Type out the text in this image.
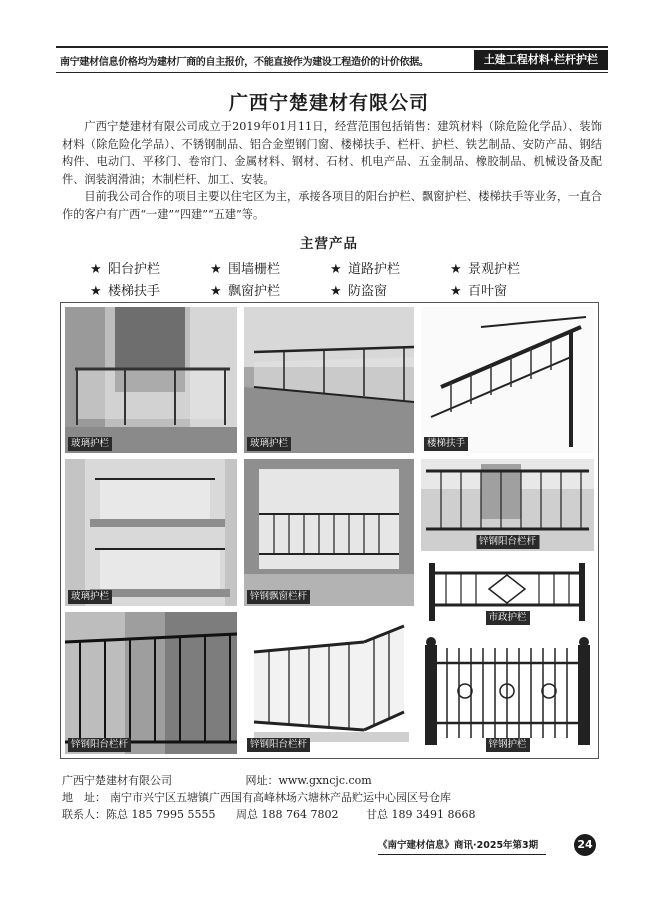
南宁建材信息价格均为建材厂商的自主报价，不能直接作为建设工程造价的计价依据。	土建工程材料·栏杆护栏
广西宁楚建材有限公司

广西宁楚建材有限公司成立于2019年01月11日，经营范围包括销售：建筑材料（除危险化学品）、装饰材料（除危险化学品）、不锈钢制品、铝合金塑钢门窗、楼梯扶手、栏杆、护栏、铁艺制品、安防产品、钢结构件、电动门、平移门、卷帘门、金属材料、钢材、石材、机电产品、五金制品、橡胶制品、机械设备及配件、润装润滑油；木制栏杆、加工、安装。

目前我公司合作的项目主要以住宅区为主，承接各项目的阳台护栏、飘窗护栏、楼梯扶手等业务，一直合作的客户有广西“一建”“四建”“五建”等。

主营产品
★ 阳台护栏	★ 围墙栅栏	★ 道路护栏	★ 景观护栏
★ 楼梯扶手	★ 飘窗护栏	★ 防盗窗	★ 百叶窗
玻璃护栏	玻璃护栏	楼梯扶手
玻璃护栏	锌钢飘窗栏杆
锌钢阳台栏杆
市政护栏
锌钢阳台栏杆	锌钢阳台栏杆	锌钢护栏
广西宁楚建材有限公司	网址：www.gxncjc.com
地　址： 南宁市兴宁区五塘镇广西国有高峰林场六塘林产品贮运中心园区号仓库
联系人：陈总 185 7995 5555 周总 188 764 7802	甘总 189 3491 8668
《南宁建材信息》商讯·2025年第3期	24
